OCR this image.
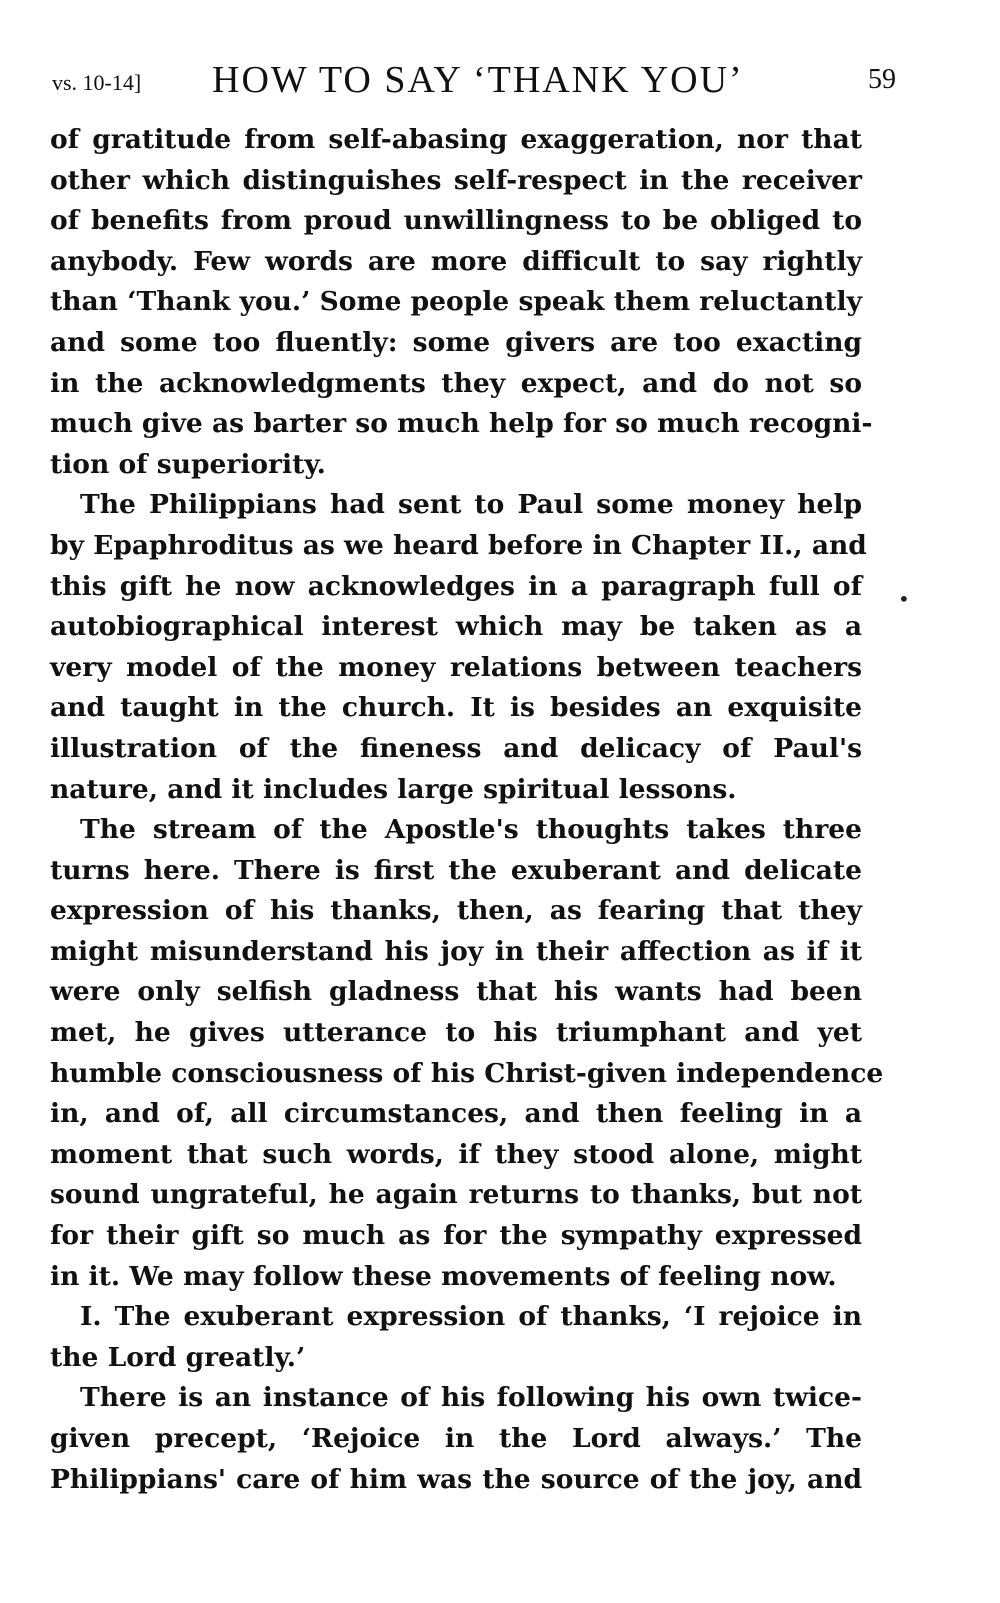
vs. 10-14] HOW TO SAY ‘THANK YOU’	59
of gratitude from self-abasing exaggeration, nor that
other which distinguishes self-respect in the receiver
of benefits from proud unwillingness to be obliged to
anybody. Few words are more difficult to say rightly
than ‘Thank you.’ Some people speak them reluctantly
and some too fluently: some givers are too exacting
in the acknowledgments they expect, and do not so
much give as barter so much help for so much recogni-
tion of superiority.
The Philippians had sent to Paul some money help
by Epaphroditus as we heard before in Chapter II., and
this gift he now acknowledges in a paragraph full of
autobiographical interest which may be taken as a
very model of the money relations between teachers
and taught in the church. It is besides an exquisite
illustration of the fineness and delicacy of Paul's
nature, and it includes large spiritual lessons.
The stream of the Apostle's thoughts takes three
turns here. There is first the exuberant and delicate
expression of his thanks, then, as fearing that they
might misunderstand his joy in their affection as if it
were only selfish gladness that his wants had been
met, he gives utterance to his triumphant and yet
humble consciousness of his Christ-given independence
in, and of, all circumstances, and then feeling in a
moment that such words, if they stood alone, might
sound ungrateful, he again returns to thanks, but not
for their gift so much as for the sympathy expressed
in it. We may follow these movements of feeling now.
I. The exuberant expression of thanks, ‘I rejoice in
the Lord greatly.’
There is an instance of his following his own twice-
given precept, ‘Rejoice in the Lord always.’ The
Philippians' care of him was the source of the joy, and
•
